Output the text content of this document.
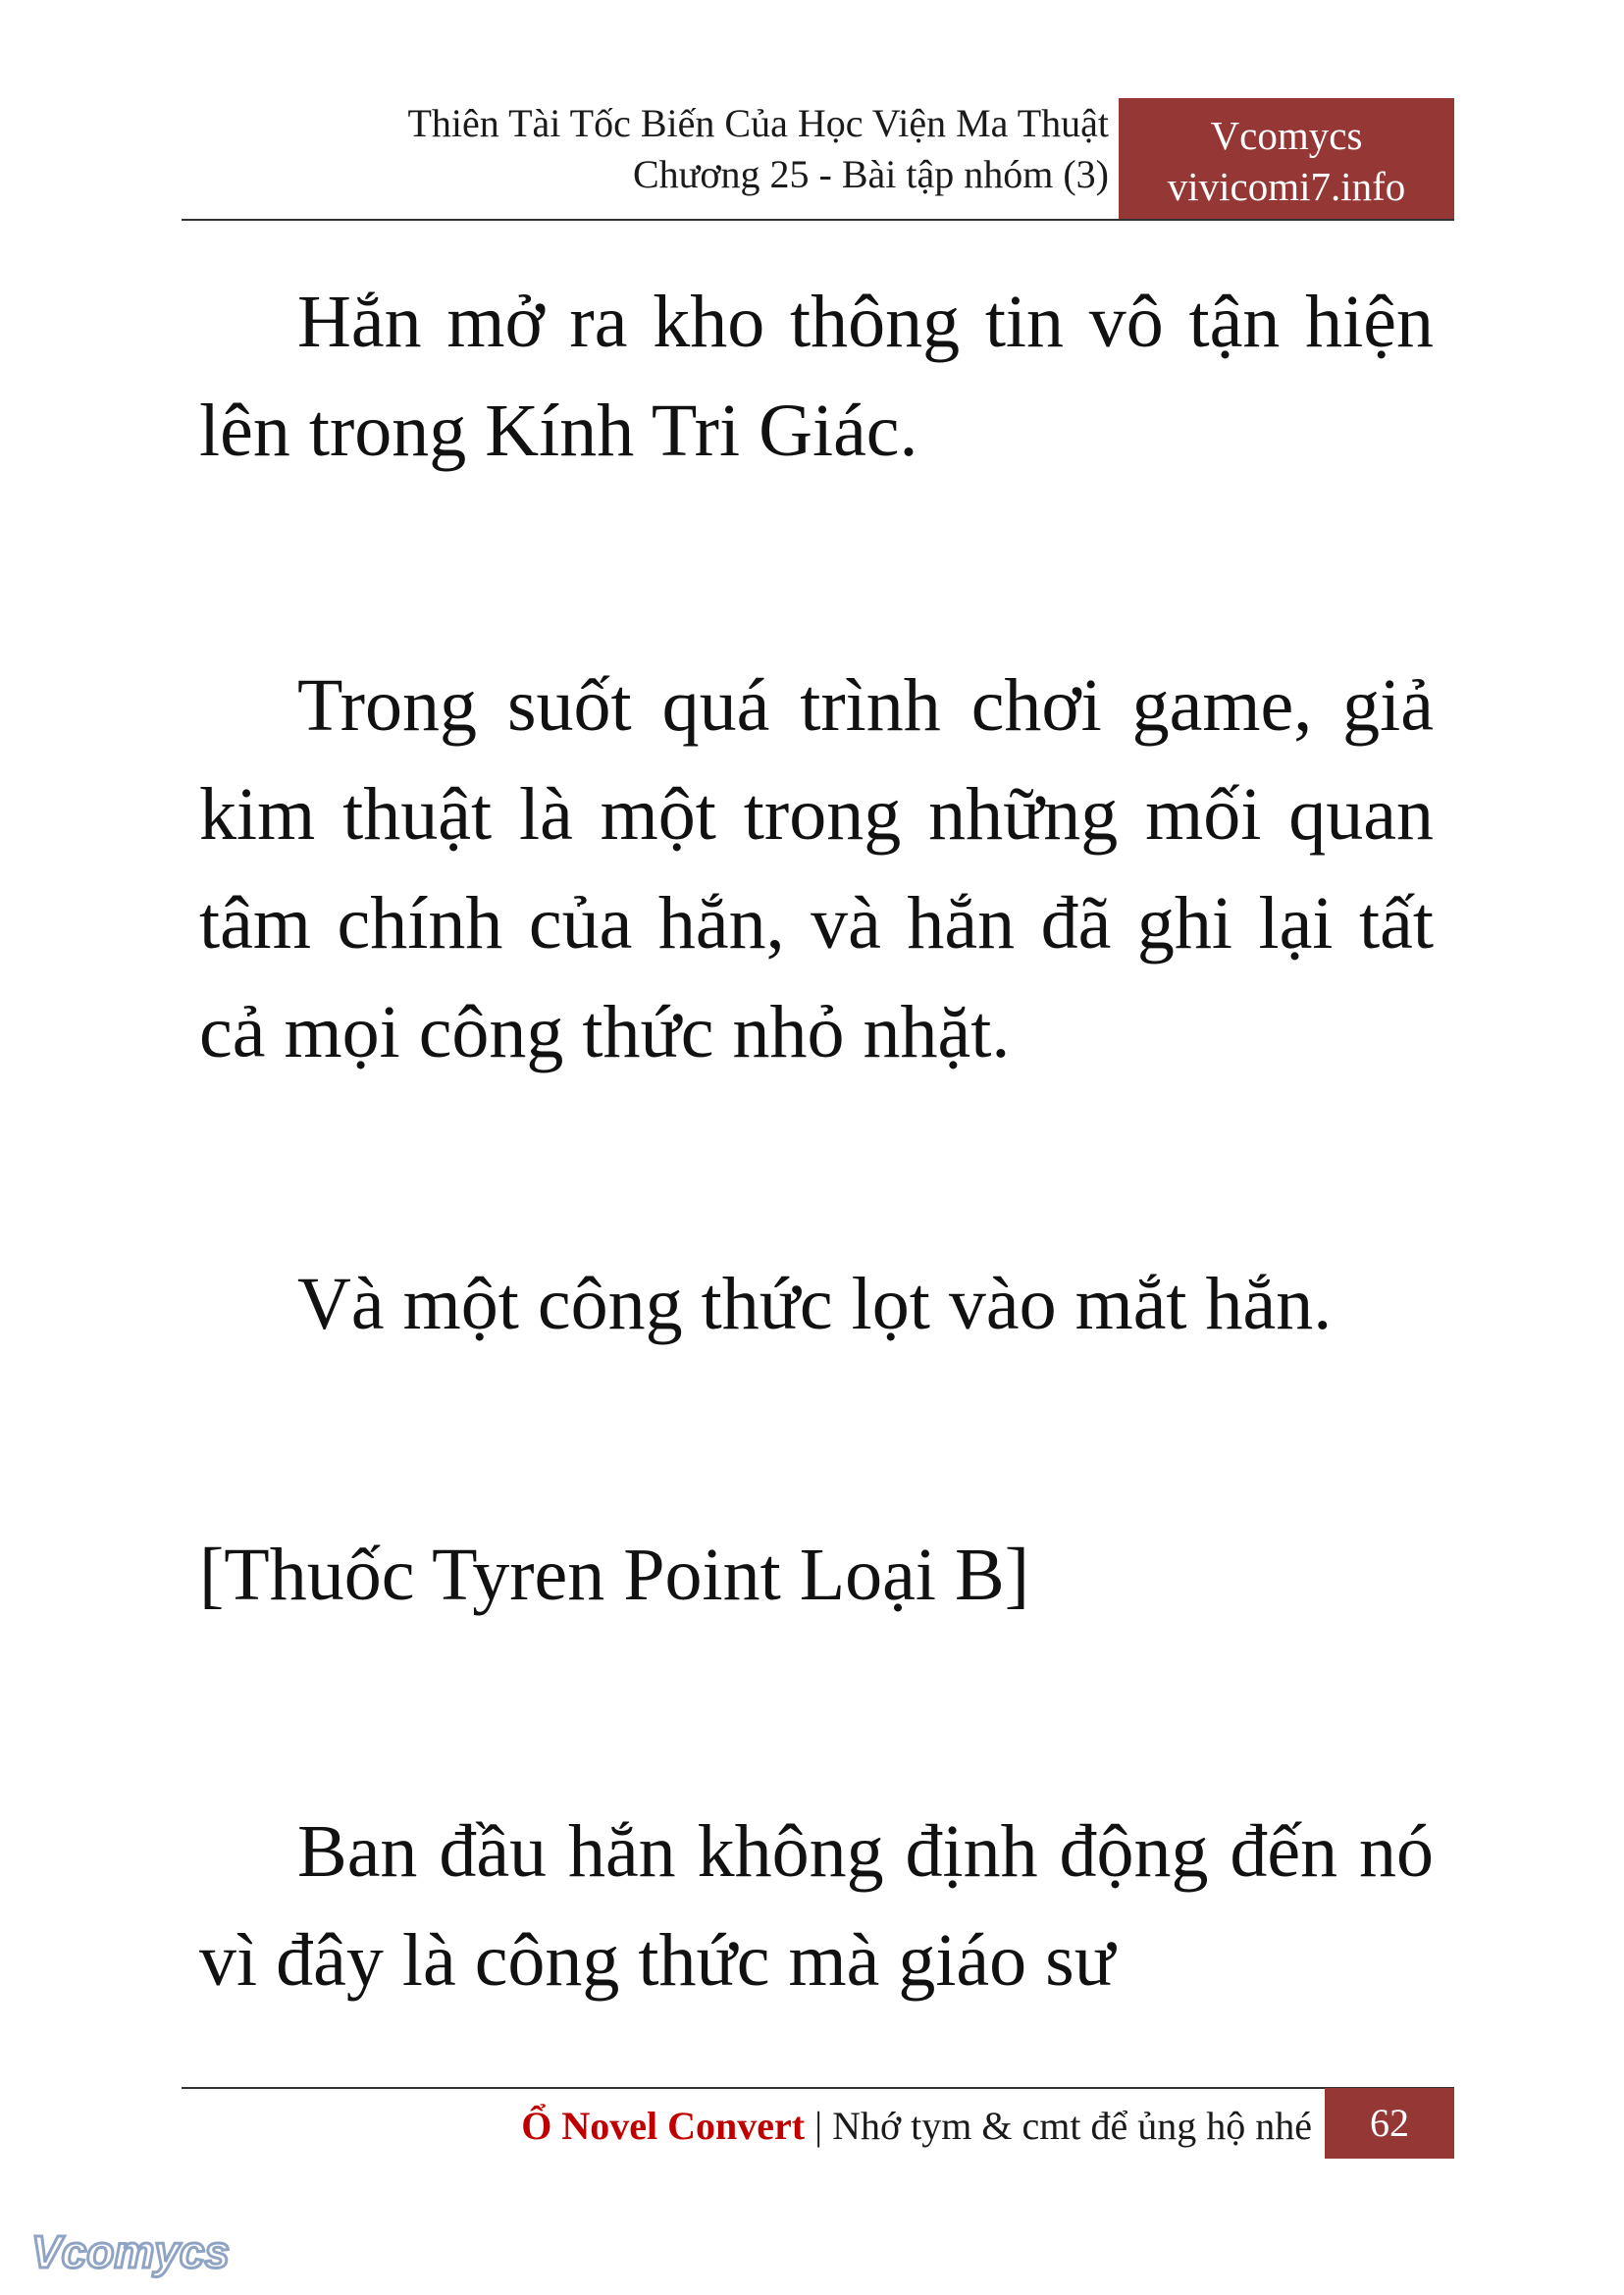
Thiên Tài Tốc Biến Của Học Viện Ma Thuật
Chương 25 - Bài tập nhóm (3)
Vcomycs
vivicomi7.info

Hắn mở ra kho thông tin vô tận hiện lên trong Kính Tri Giác.

Trong suốt quá trình chơi game, giả kim thuật là một trong những mối quan tâm chính của hắn, và hắn đã ghi lại tất cả mọi công thức nhỏ nhặt.

Và một công thức lọt vào mắt hắn.

[Thuốc Tyren Point Loại B]

Ban đầu hắn không định động đến nó vì đây là công thức mà giáo sư

Ổ Novel Convert | Nhớ tym & cmt để ủng hộ nhé	62
Vcomycs
